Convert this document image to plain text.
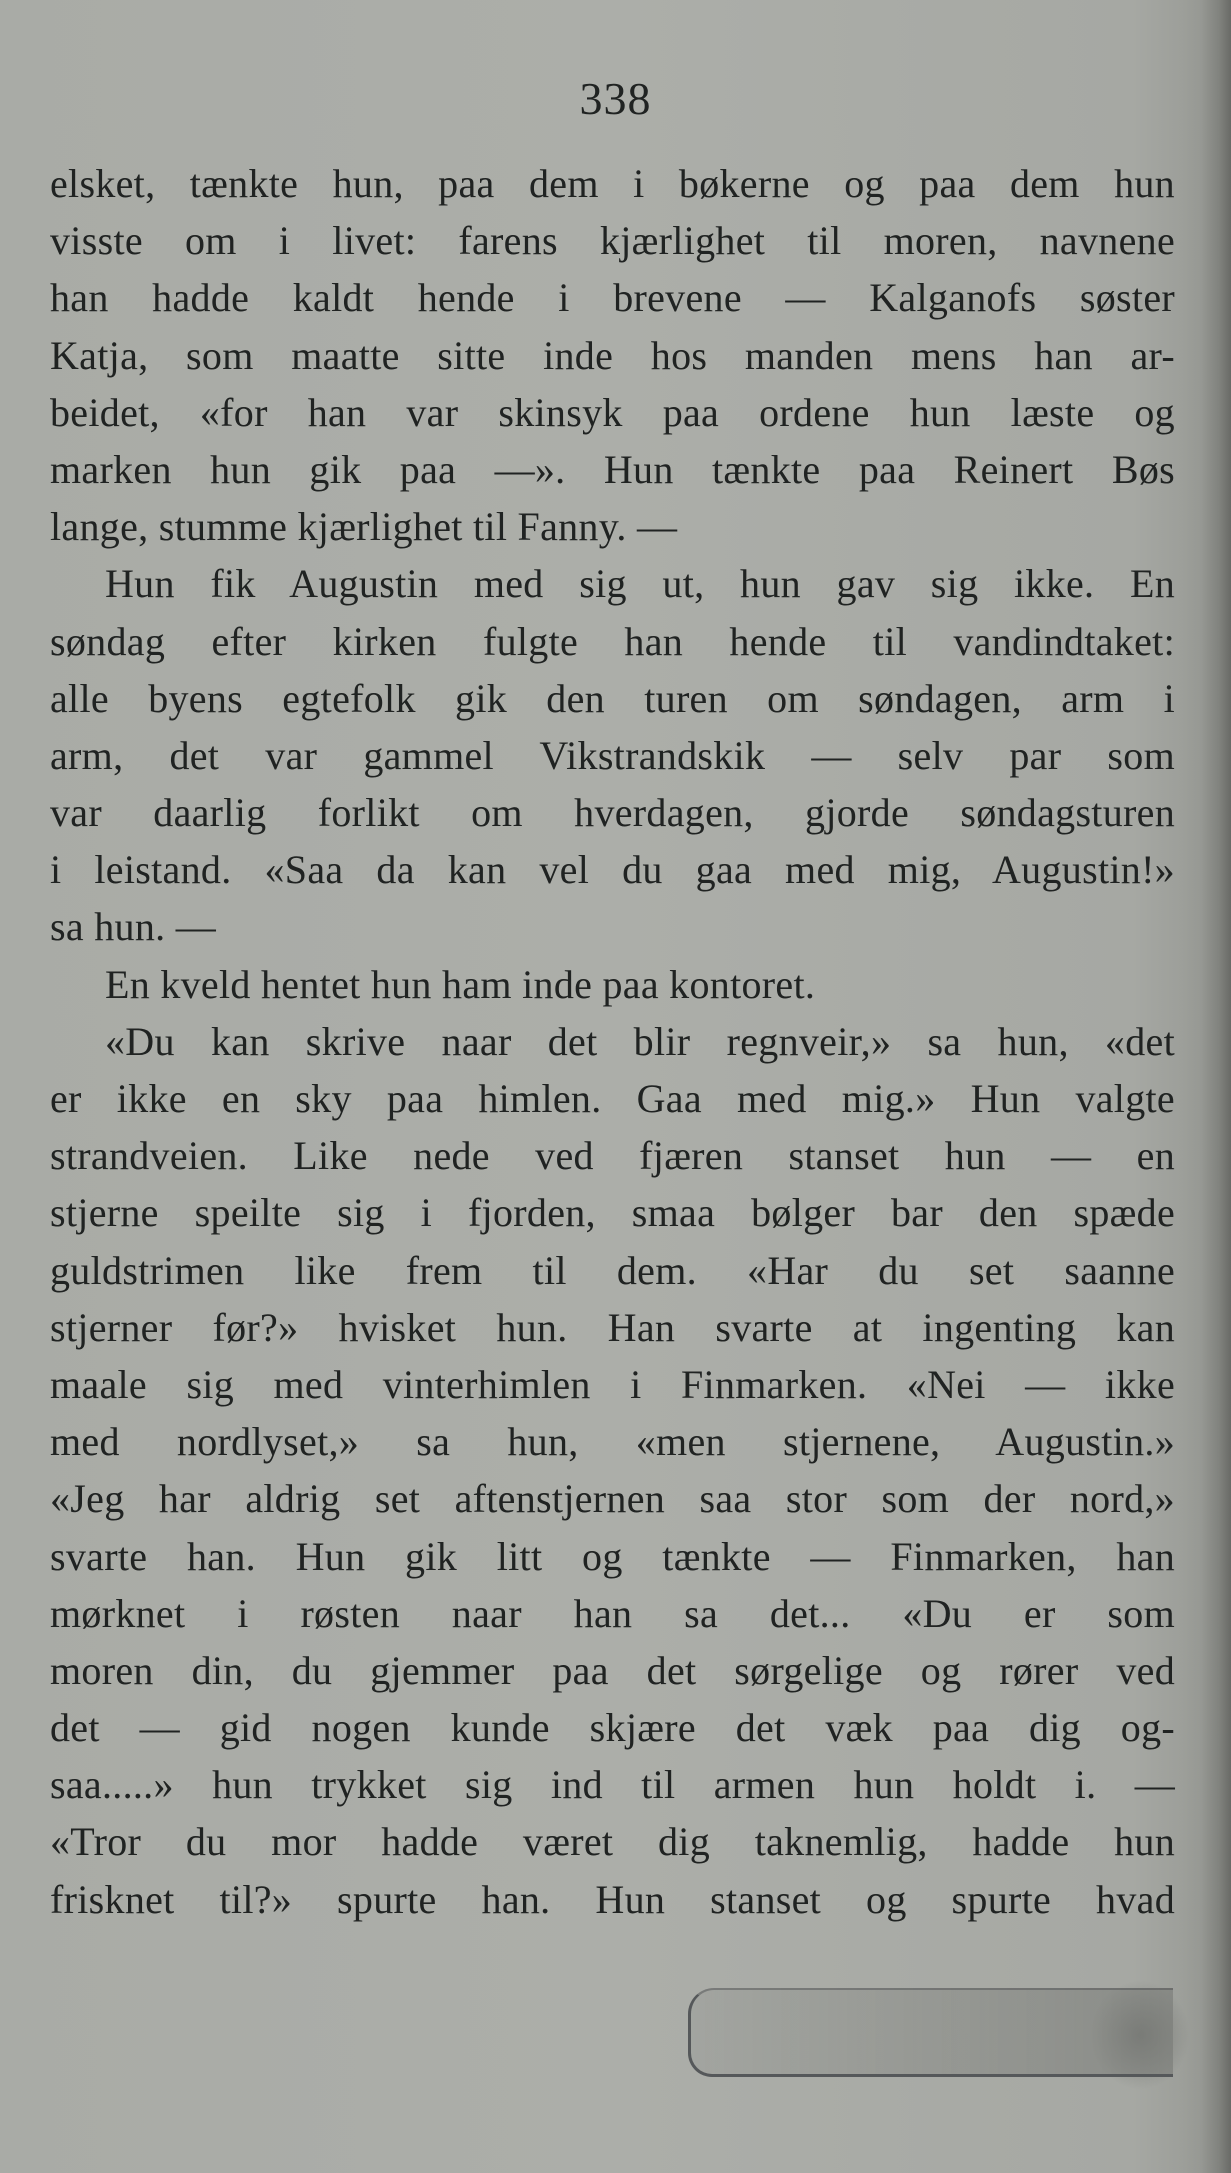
338
elsket, tænkte hun, paa dem i bøkerne og paa dem hun
visste om i livet: farens kjærlighet til moren, navnene
han hadde kaldt hende i brevene — Kalganofs søster
Katja, som maatte sitte inde hos manden mens han ar-
beidet, «for han var skinsyk paa ordene hun læste og
marken hun gik paa —». Hun tænkte paa Reinert Bøs
lange, stumme kjærlighet til Fanny. —
Hun fik Augustin med sig ut, hun gav sig ikke. En
søndag efter kirken fulgte han hende til vandindtaket:
alle byens egtefolk gik den turen om søndagen, arm i
arm, det var gammel Vikstrandskik — selv par som
var daarlig forlikt om hverdagen, gjorde søndagsturen
i leistand. «Saa da kan vel du gaa med mig, Augustin!»
sa hun. —
En kveld hentet hun ham inde paa kontoret.
«Du kan skrive naar det blir regnveir,» sa hun, «det
er ikke en sky paa himlen. Gaa med mig.» Hun valgte
strandveien. Like nede ved fjæren stanset hun — en
stjerne speilte sig i fjorden, smaa bølger bar den spæde
guldstrimen like frem til dem. «Har du set saanne
stjerner før?» hvisket hun. Han svarte at ingenting kan
maale sig med vinterhimlen i Finmarken. «Nei — ikke
med nordlyset,» sa hun, «men stjernene, Augustin.»
«Jeg har aldrig set aftenstjernen saa stor som der nord,»
svarte han. Hun gik litt og tænkte — Finmarken, han
mørknet i røsten naar han sa det... «Du er som
moren din, du gjemmer paa det sørgelige og rører ved
det — gid nogen kunde skjære det væk paa dig og-
saa.....» hun trykket sig ind til armen hun holdt i. —
«Tror du mor hadde været dig taknemlig, hadde hun
frisknet til?» spurte han. Hun stanset og spurte hvad
